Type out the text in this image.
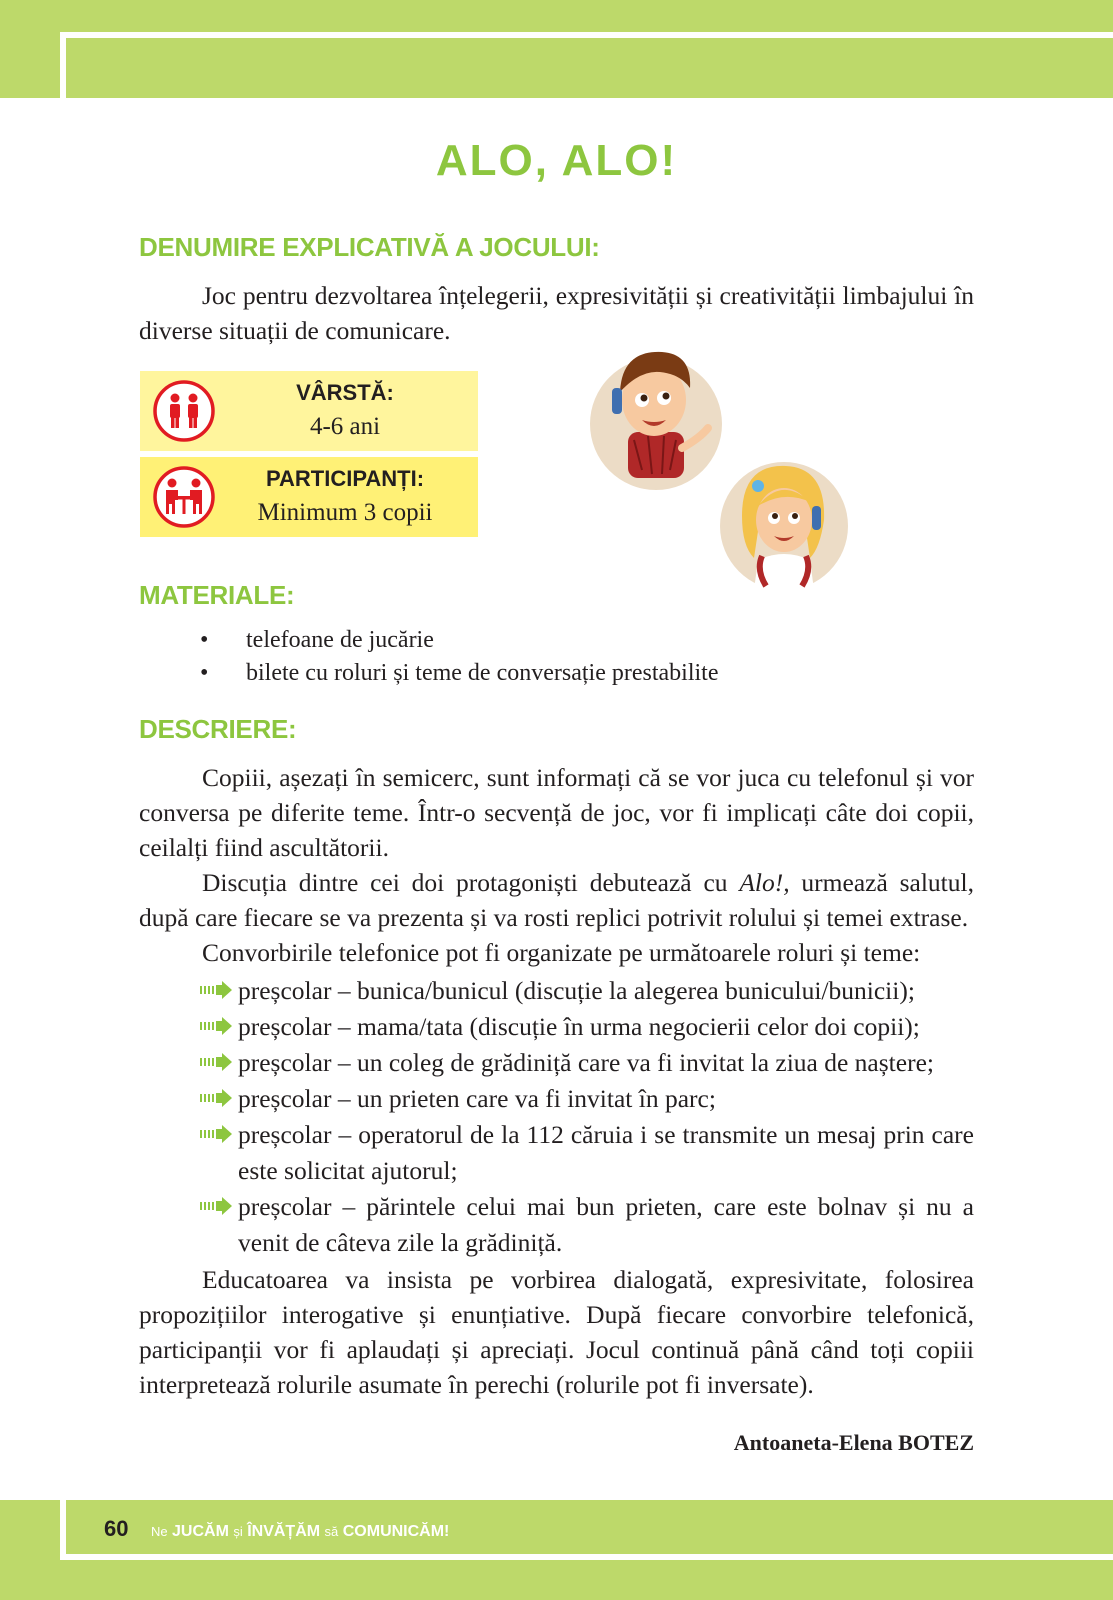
ALO, ALO!
DENUMIRE EXPLICATIVĂ A JOCULUI:

Joc pentru dezvoltarea înțelegerii, expresivității și creativității limbajului în diverse situații de comunicare.

VÂRSTĂ:
4-6 ani
PARTICIPANȚI:
Minimum 3 copii
MATERIALE:
• telefoane de jucărie
• bilete cu roluri și teme de conversație prestabilite
DESCRIERE:

Copiii, așezați în semicerc, sunt informați că se vor juca cu telefonul și vor conversa pe diferite teme. Într-o secvență de joc, vor fi implicați câte doi copii, ceilalți fiind ascultătorii.

Discuția dintre cei doi protagoniști debutează cu Alo!, urmează salutul, după care fiecare se va prezenta și va rosti replici potrivit rolului și temei extrase.

Convorbirile telefonice pot fi organizate pe următoarele roluri și teme:

preșcolar – bunica/bunicul (discuție la alegerea bunicului/bunicii);
preșcolar – mama/tata (discuție în urma negocierii celor doi copii);
preșcolar – un coleg de grădiniță care va fi invitat la ziua de naștere;
preșcolar – un prieten care va fi invitat în parc;
preșcolar – operatorul de la 112 căruia i se transmite un mesaj prin care este solicitat ajutorul;
preșcolar – părintele celui mai bun prieten, care este bolnav și nu a venit de câteva zile la grădiniță.

Educatoarea va insista pe vorbirea dialogată, expresivitate, folosirea propozițiilor interogative și enunțiative. După fiecare convorbire telefonică, participanții vor fi aplaudați și apreciați. Jocul continuă până când toți copiii interpretează rolurile asumate în perechi (rolurile pot fi inversate).

Antoaneta-Elena BOTEZ
60 Ne JUCĂM și ÎNVĂȚĂM să COMUNICĂM!
